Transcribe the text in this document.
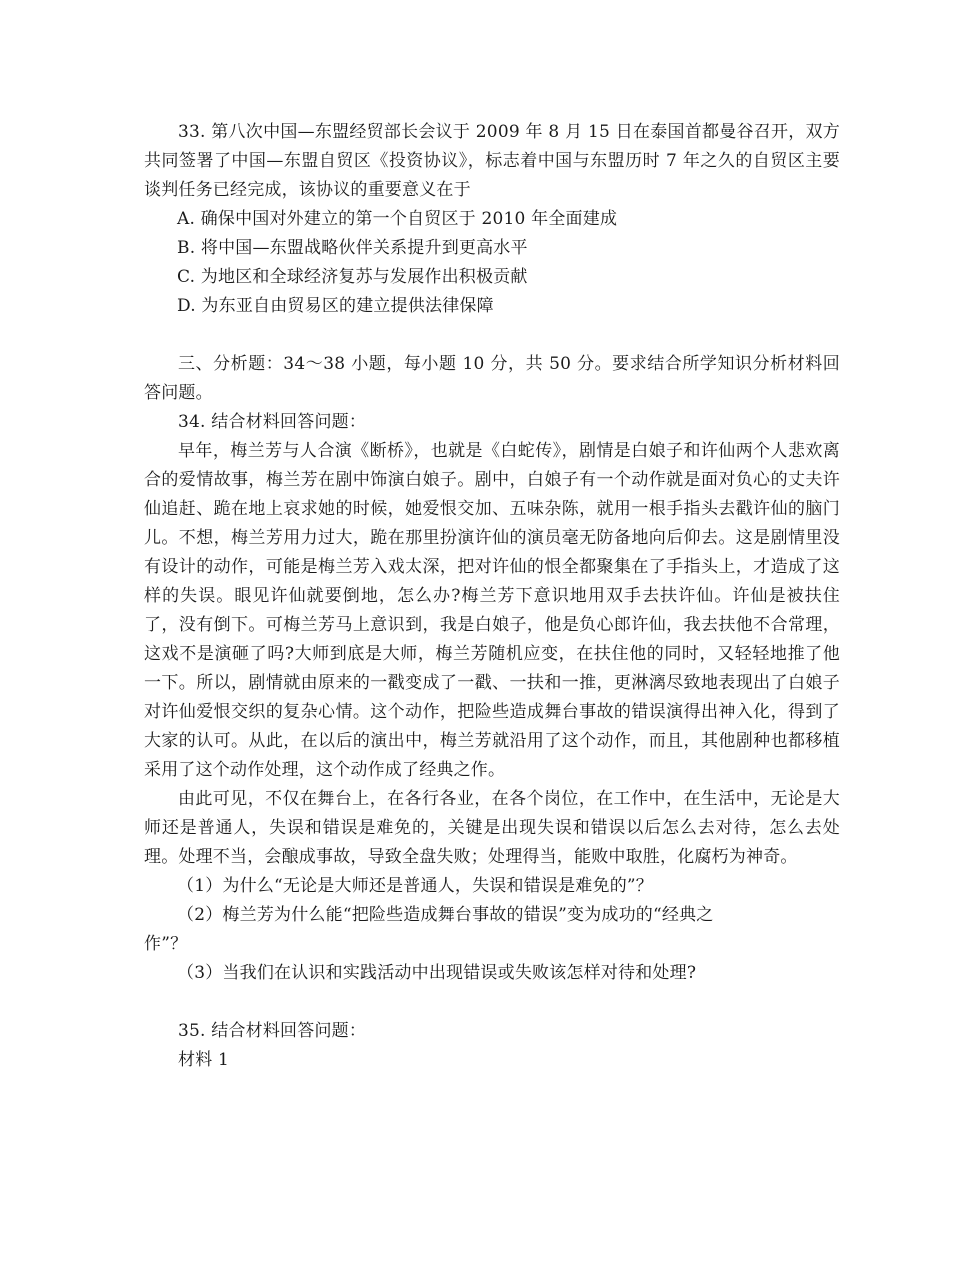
33. 第八次中国—东盟经贸部长会议于 2009 年 8 月 15 日在泰国首都曼谷召开，双方共同签署了中国—东盟自贸区《投资协议》，标志着中国与东盟历时 7 年之久的自贸区主要谈判任务已经完成，该协议的重要意义在于

A. 确保中国对外建立的第一个自贸区于 2010 年全面建成

B. 将中国—东盟战略伙伴关系提升到更高水平

C. 为地区和全球经济复苏与发展作出积极贡献

D. 为东亚自由贸易区的建立提供法律保障

三、分析题：34～38 小题，每小题 10 分，共 50 分。要求结合所学知识分析材料回答问题。

34. 结合材料回答问题：

早年，梅兰芳与人合演《断桥》，也就是《白蛇传》，剧情是白娘子和许仙两个人悲欢离合的爱情故事，梅兰芳在剧中饰演白娘子。剧中，白娘子有一个动作就是面对负心的丈夫许仙追赶、跪在地上哀求她的时候，她爱恨交加、五味杂陈，就用一根手指头去戳许仙的脑门儿。不想，梅兰芳用力过大，跪在那里扮演许仙的演员毫无防备地向后仰去。这是剧情里没有设计的动作，可能是梅兰芳入戏太深，把对许仙的恨全都聚集在了手指头上，才造成了这样的失误。眼见许仙就要倒地，怎么办?梅兰芳下意识地用双手去扶许仙。许仙是被扶住了，没有倒下。可梅兰芳马上意识到，我是白娘子，他是负心郎许仙，我去扶他不合常理，这戏不是演砸了吗?大师到底是大师，梅兰芳随机应变，在扶住他的同时，又轻轻地推了他一下。所以，剧情就由原来的一戳变成了一戳、一扶和一推，更淋漓尽致地表现出了白娘子对许仙爱恨交织的复杂心情。这个动作，把险些造成舞台事故的错误演得出神入化，得到了大家的认可。从此，在以后的演出中，梅兰芳就沿用了这个动作，而且，其他剧种也都移植采用了这个动作处理，这个动作成了经典之作。

由此可见，不仅在舞台上，在各行各业，在各个岗位，在工作中，在生活中，无论是大师还是普通人，失误和错误是难免的，关键是出现失误和错误以后怎么去对待，怎么去处理。处理不当，会酿成事故，导致全盘失败；处理得当，能败中取胜，化腐朽为神奇。

（1）为什么“无论是大师还是普通人，失误和错误是难免的”？

（2）梅兰芳为什么能“把险些造成舞台事故的错误”变为成功的“经典之

作”？

（3）当我们在认识和实践活动中出现错误或失败该怎样对待和处理?

35. 结合材料回答问题：

材料 1
